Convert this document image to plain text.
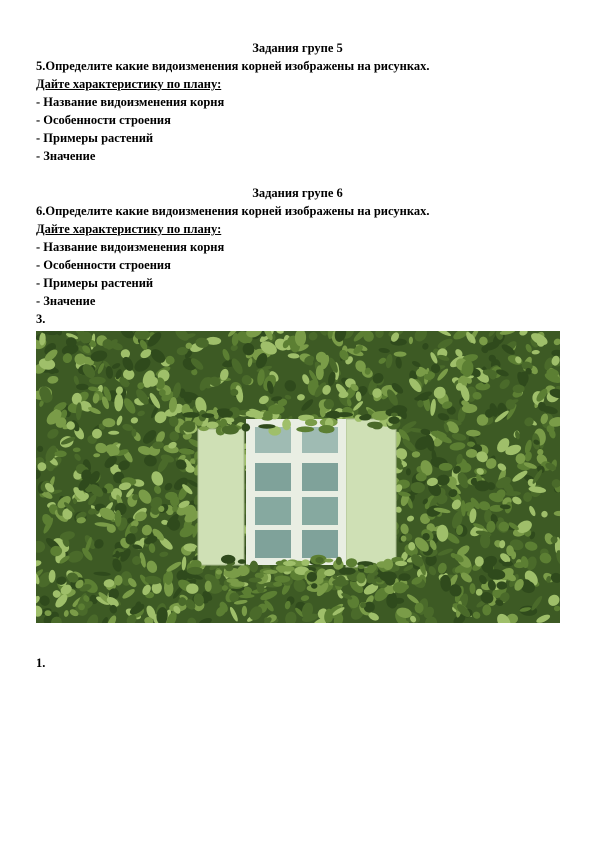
Задания групе 5
5.Определите какие видоизменения корней изображены на рисунках.
Дайте характеристику по плану:
- Название видоизменения корня
- Особенности строения
- Примеры растений
- Значение
Задания групе 6
6.Определите какие видоизменения корней изображены на рисунках.
Дайте характеристику по плану:
- Название видоизменения корня
- Особенности строения
- Примеры растений
- Значение
3.
1.
